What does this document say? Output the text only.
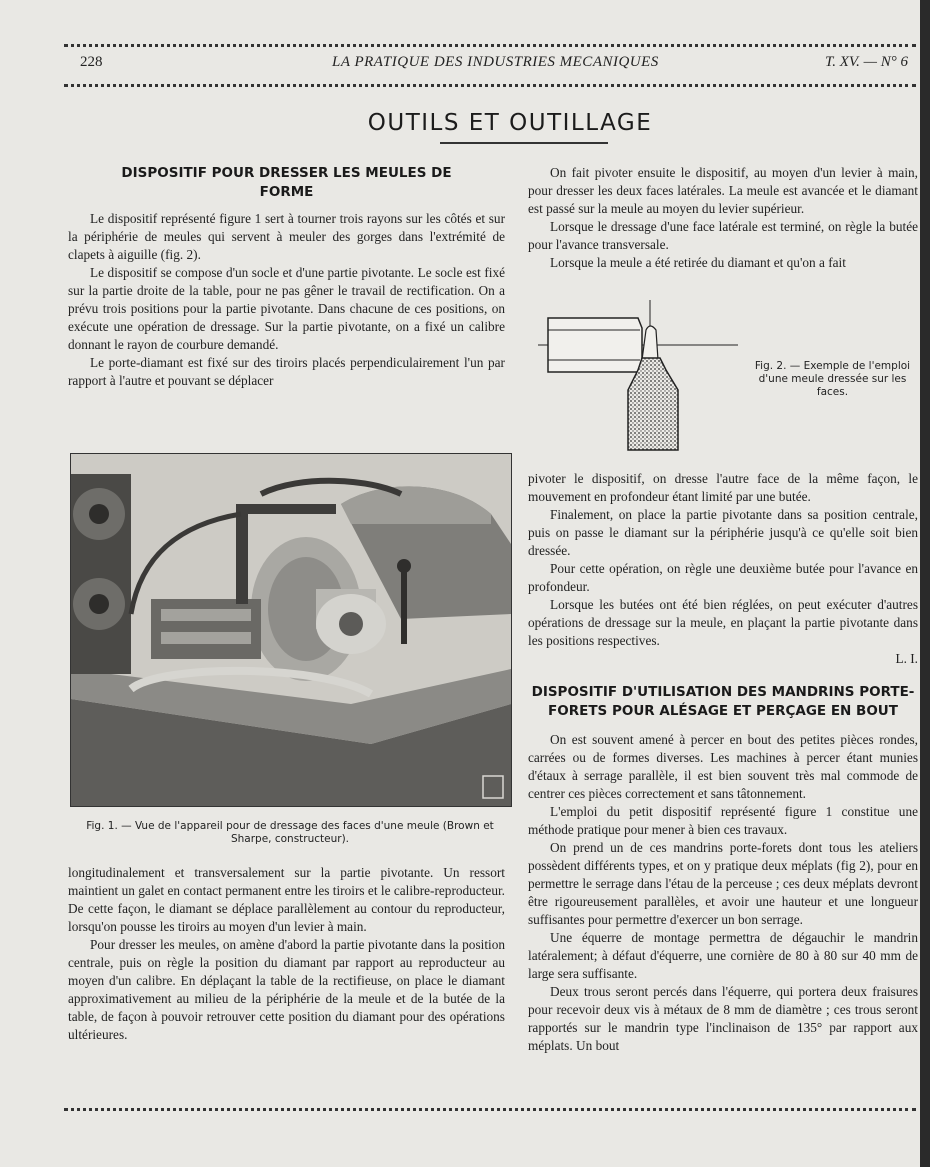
228	LA PRATIQUE DES INDUSTRIES MECANIQUES	T. XV. — N° 6
OUTILS ET OUTILLAGE
DISPOSITIF POUR DRESSER LES MEULES DE FORME

Le dispositif représenté figure 1 sert à tourner trois rayons sur les côtés et sur la périphérie de meules qui servent à meuler des gorges dans l'extrémité de clapets à aiguille (fig. 2).

Le dispositif se compose d'un socle et d'une partie pivotante. Le socle est fixé sur la partie droite de la table, pour ne pas gêner le travail de rectification. On a prévu trois positions pour la partie pivotante. Dans chacune de ces positions, on exécute une opération de dressage. Sur la partie pivotante, on a fixé un calibre donnant le rayon de courbure demandé.

Le porte-diamant est fixé sur des tiroirs placés perpendiculairement l'un par rapport à l'autre et pouvant se déplacer

Fig. 1. — Vue de l'appareil pour de dressage des faces d'une meule (Brown et Sharpe, constructeur).

longitudinalement et transversalement sur la partie pivotante. Un ressort maintient un galet en contact permanent entre les tiroirs et le calibre-reproducteur. De cette façon, le diamant se déplace parallèlement au contour du reproducteur, lorsqu'on pousse les tiroirs au moyen d'un levier à main.

Pour dresser les meules, on amène d'abord la partie pivotante dans la position centrale, puis on règle la position du diamant par rapport au reproducteur au moyen d'un calibre. En déplaçant la table de la rectifieuse, on place le diamant approximativement au milieu de la périphérie de la meule et de la butée de la table, de façon à pouvoir retrouver cette position du diamant pour des opérations ultérieures.

On fait pivoter ensuite le dispositif, au moyen d'un levier à main, pour dresser les deux faces latérales. La meule est avancée et le diamant est passé sur la meule au moyen du levier supérieur.

Lorsque le dressage d'une face latérale est terminé, on règle la butée pour l'avance transversale.

Lorsque la meule a été retirée du diamant et qu'on a fait

Fig. 2. — Exemple de l'emploi d'une meule dressée sur les faces.

pivoter le dispositif, on dresse l'autre face de la même façon, le mouvement en profondeur étant limité par une butée.

Finalement, on place la partie pivotante dans sa position centrale, puis on passe le diamant sur la périphérie jusqu'à ce qu'elle soit bien dressée.

Pour cette opération, on règle une deuxième butée pour l'avance en profondeur.

Lorsque les butées ont été bien réglées, on peut exécuter d'autres opérations de dressage sur la meule, en plaçant la partie pivotante dans les positions respectives.

L. I.

DISPOSITIF D'UTILISATION DES MANDRINS PORTE-FORETS POUR ALÉSAGE ET PERÇAGE EN BOUT

On est souvent amené à percer en bout des petites pièces rondes, carrées ou de formes diverses. Les machines à percer étant munies d'étaux à serrage parallèle, il est bien souvent très mal commode de centrer ces pièces correctement et sans tâtonnement.

L'emploi du petit dispositif représenté figure 1 constitue une méthode pratique pour mener à bien ces travaux.

On prend un de ces mandrins porte-forets dont tous les ateliers possèdent différents types, et on y pratique deux méplats (fig 2), pour en permettre le serrage dans l'étau de la perceuse ; ces deux méplats devront être rigoureusement parallèles, et avoir une hauteur et une longueur suffisantes pour permettre d'exercer un bon serrage.

Une équerre de montage permettra de dégauchir le mandrin latéralement; à défaut d'équerre, une cornière de 80 à 80 sur 40 mm de large sera suffisante.

Deux trous seront percés dans l'équerre, qui portera deux fraisures pour recevoir deux vis à métaux de 8 mm de diamètre ; ces trous seront rapportés sur le mandrin type l'inclinaison de 135° par rapport aux méplats. Un bout
